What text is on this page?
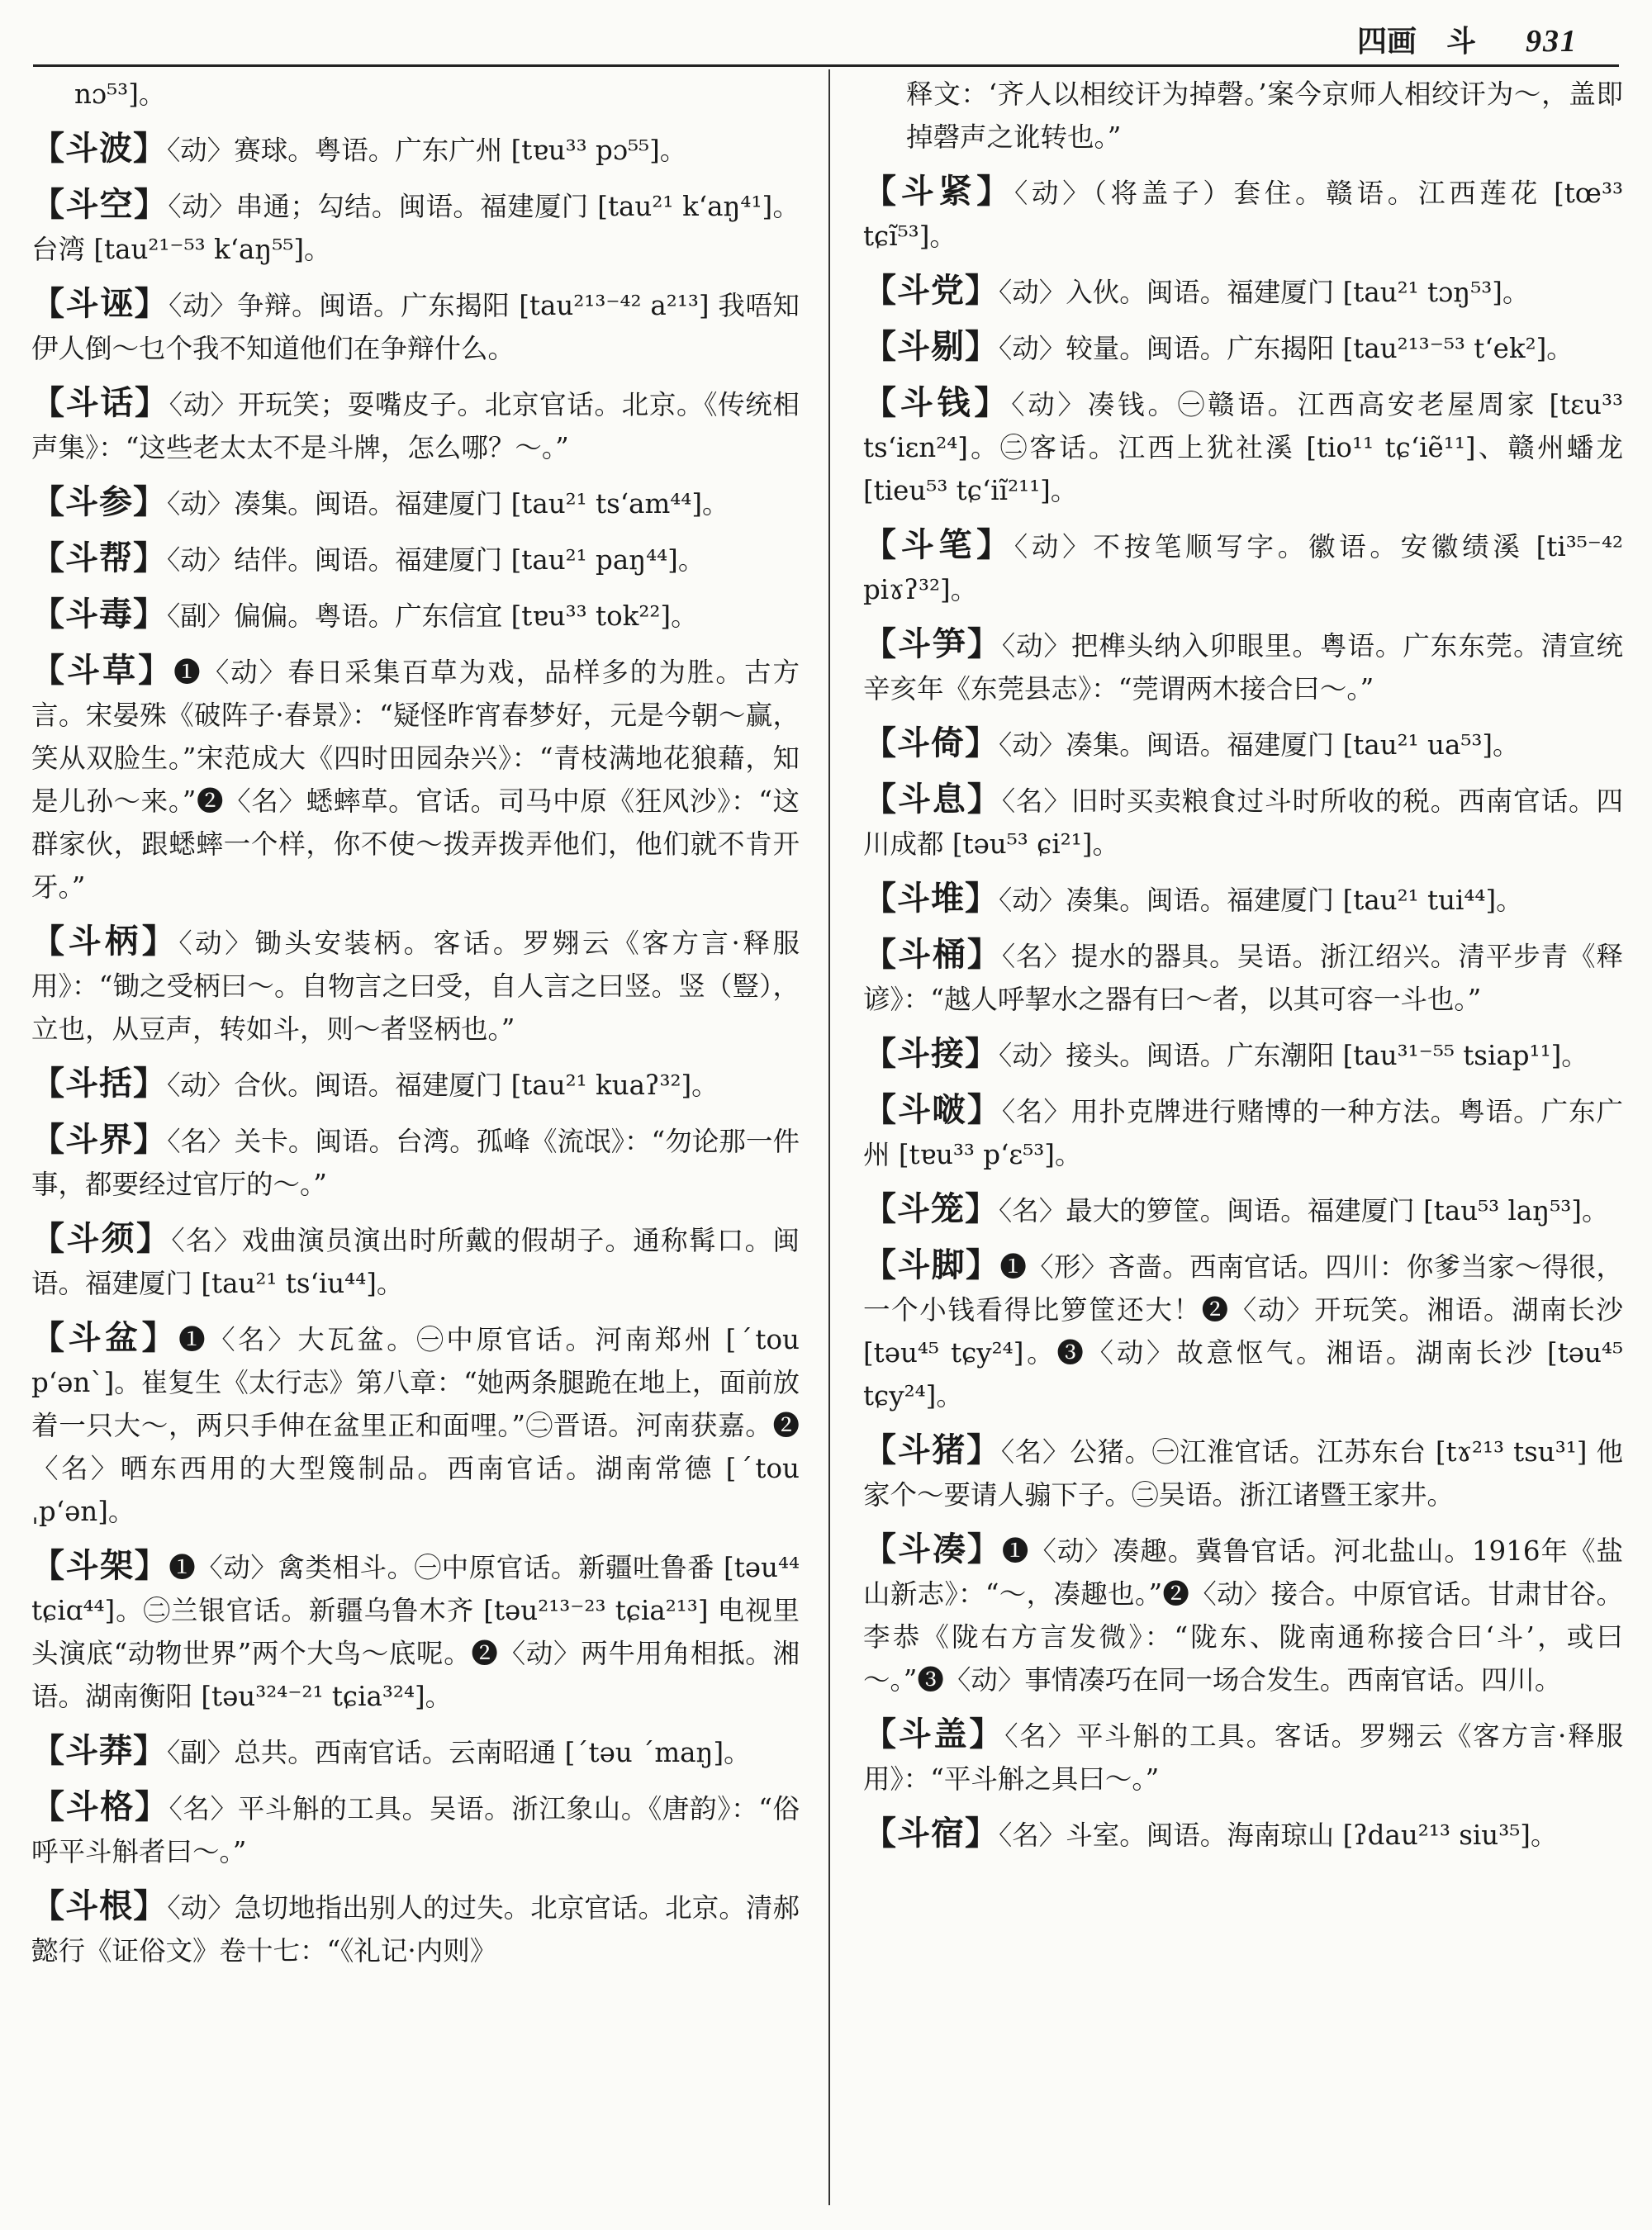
四画　斗 931

nɔ⁵³]。

【斗波】〈动〉赛球。粤语。广东广州 [tɐu³³ pɔ⁵⁵]。

【斗空】〈动〉串通；勾结。闽语。福建厦门 [tau²¹ k‘aŋ⁴¹]。台湾 [tau²¹⁻⁵³ k‘aŋ⁵⁵]。

【斗诬】〈动〉争辩。闽语。广东揭阳 [tau²¹³⁻⁴² a²¹³] 我唔知伊人倒～乜个我不知道他们在争辩什么。

【斗话】〈动〉开玩笑；耍嘴皮子。北京官话。北京。《传统相声集》：“这些老太太不是斗牌，怎么哪？～。”

【斗参】〈动〉凑集。闽语。福建厦门 [tau²¹ ts‘am⁴⁴]。

【斗帮】〈动〉结伴。闽语。福建厦门 [tau²¹ paŋ⁴⁴]。

【斗毒】〈副〉偏偏。粤语。广东信宜 [tɐu³³ tok²²]。

【斗草】❶〈动〉春日采集百草为戏，品样多的为胜。古方言。宋晏殊《破阵子·春景》：“疑怪昨宵春梦好，元是今朝～赢，笑从双脸生。”宋范成大《四时田园杂兴》：“青枝满地花狼藉，知是儿孙～来。”❷〈名〉蟋蟀草。官话。司马中原《狂风沙》：“这群家伙，跟蟋蟀一个样，你不使～拨弄拨弄他们，他们就不肯开牙。”

【斗柄】〈动〉锄头安装柄。客话。罗翙云《客方言·释服用》：“锄之受柄曰～。自物言之曰受，自人言之曰竖。竖（豎），立也，从豆声，转如斗，则～者竖柄也。”

【斗括】〈动〉合伙。闽语。福建厦门 [tau²¹ kuaʔ³²]。

【斗界】〈名〉关卡。闽语。台湾。孤峰《流氓》：“勿论那一件事，都要经过官厅的～。”

【斗须】〈名〉戏曲演员演出时所戴的假胡子。通称髯口。闽语。福建厦门 [tau²¹ ts‘iu⁴⁴]。

【斗盆】❶〈名〉大瓦盆。㊀中原官话。河南郑州 [ˊtou p‘ənˋ]。崔复生《太行志》第八章：“她两条腿跪在地上，面前放着一只大～，两只手伸在盆里正和面哩。”㊁晋语。河南获嘉。❷〈名〉晒东西用的大型篾制品。西南官话。湖南常德 [ˊtou ˌp‘ən]。

【斗架】❶〈动〉禽类相斗。㊀中原官话。新疆吐鲁番 [təu⁴⁴ tɕiɑ⁴⁴]。㊁兰银官话。新疆乌鲁木齐 [təu²¹³⁻²³ tɕia²¹³] 电视里头演底“动物世界”两个大鸟～底呢。❷〈动〉两牛用角相抵。湘语。湖南衡阳 [təu³²⁴⁻²¹ tɕia³²⁴]。

【斗莽】〈副〉总共。西南官话。云南昭通 [ˊtəu ˊmaŋ]。

【斗格】〈名〉平斗斛的工具。吴语。浙江象山。《唐韵》：“俗呼平斗斛者曰～。”

【斗根】〈动〉急切地指出别人的过失。北京官话。北京。清郝懿行《证俗文》卷十七：“《礼记·内则》

释文：‘齐人以相绞讦为掉磬。’案今京师人相绞讦为～，盖即掉磬声之讹转也。”

【斗紧】〈动〉（将盖子）套住。赣语。江西莲花 [tœ³³ tɕĩ⁵³]。

【斗党】〈动〉入伙。闽语。福建厦门 [tau²¹ tɔŋ⁵³]。

【斗剔】〈动〉较量。闽语。广东揭阳 [tau²¹³⁻⁵³ t‘ek²]。

【斗钱】〈动〉凑钱。㊀赣语。江西高安老屋周家 [tɛu³³ ts‘iɛn²⁴]。㊁客话。江西上犹社溪 [tio¹¹ tɕ‘iẽ¹¹]、赣州蟠龙 [tieu⁵³ tɕ‘iĩ²¹¹]。

【斗笔】〈动〉不按笔顺写字。徽语。安徽绩溪 [ti³⁵⁻⁴² piɤʔ³²]。

【斗笋】〈动〉把榫头纳入卯眼里。粤语。广东东莞。清宣统辛亥年《东莞县志》：“莞谓两木接合曰～。”

【斗倚】〈动〉凑集。闽语。福建厦门 [tau²¹ ua⁵³]。

【斗息】〈名〉旧时买卖粮食过斗时所收的税。西南官话。四川成都 [təu⁵³ ɕi²¹]。

【斗堆】〈动〉凑集。闽语。福建厦门 [tau²¹ tui⁴⁴]。

【斗桶】〈名〉提水的器具。吴语。浙江绍兴。清平步青《释谚》：“越人呼挈水之器有曰～者，以其可容一斗也。”

【斗接】〈动〉接头。闽语。广东潮阳 [tau³¹⁻⁵⁵ tsiap¹¹]。

【斗啵】〈名〉用扑克牌进行赌博的一种方法。粤语。广东广州 [tɐu³³ p‘ɛ⁵³]。

【斗笼】〈名〉最大的箩筐。闽语。福建厦门 [tau⁵³ laŋ⁵³]。

【斗脚】❶〈形〉吝啬。西南官话。四川：你爹当家～得很，一个小钱看得比箩筐还大！❷〈动〉开玩笑。湘语。湖南长沙 [təu⁴⁵ tɕy²⁴]。❸〈动〉故意怄气。湘语。湖南长沙 [təu⁴⁵ tɕy²⁴]。

【斗猪】〈名〉公猪。㊀江淮官话。江苏东台 [tɤ²¹³ tsu³¹] 他家个～要请人骟下子。㊁吴语。浙江诸暨王家井。

【斗凑】❶〈动〉凑趣。冀鲁官话。河北盐山。1916年《盐山新志》：“～，凑趣也。”❷〈动〉接合。中原官话。甘肃甘谷。李恭《陇右方言发微》：“陇东、陇南通称接合曰‘斗’，或曰～。”❸〈动〉事情凑巧在同一场合发生。西南官话。四川。

【斗盖】〈名〉平斗斛的工具。客话。罗翙云《客方言·释服用》：“平斗斛之具曰～。”

【斗宿】〈名〉斗室。闽语。海南琼山 [ʔdau²¹³ siu³⁵]。
